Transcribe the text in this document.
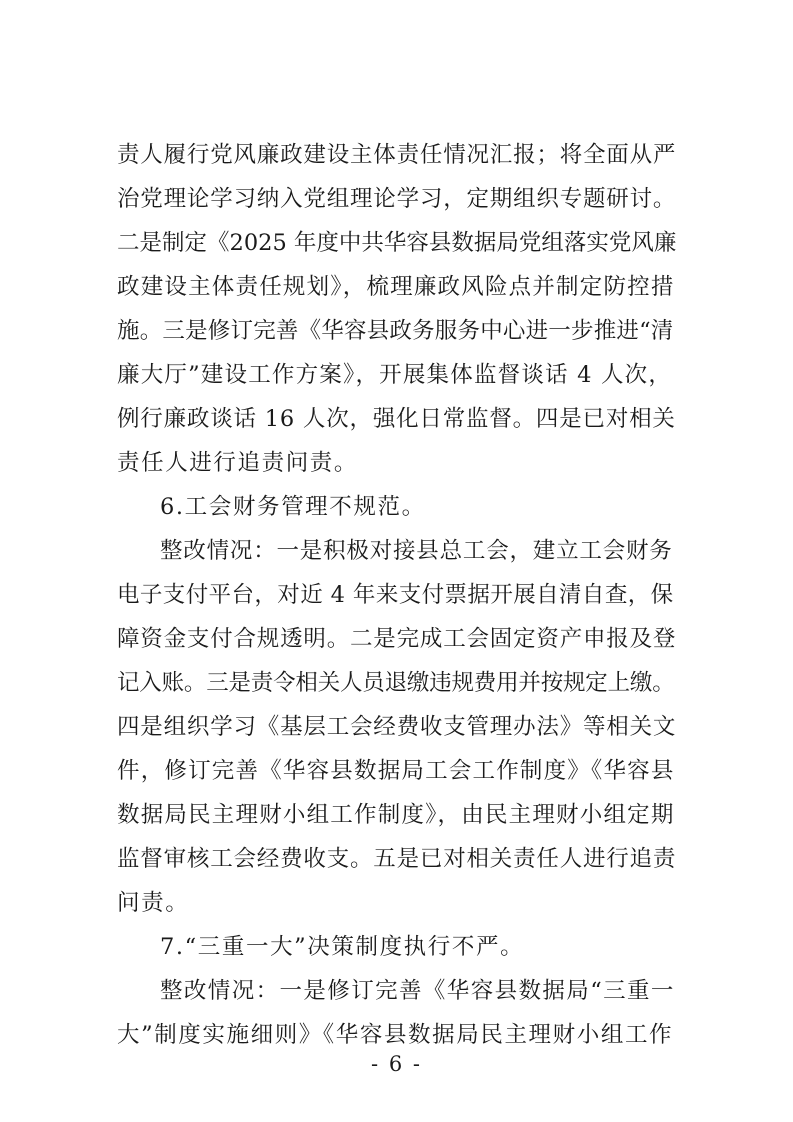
责人履行党风廉政建设主体责任情况汇报；将全面从严
治党理论学习纳入党组理论学习，定期组织专题研讨。
二是制定《2025 年度中共华容县数据局党组落实党风廉
政建设主体责任规划》，梳理廉政风险点并制定防控措
施。三是修订完善《华容县政务服务中心进一步推进“清
廉大厅”建设工作方案》，开展集体监督谈话 4 人次，
例行廉政谈话 16 人次，强化日常监督。四是已对相关
责任人进行追责问责。
6.工会财务管理不规范。
整改情况：一是积极对接县总工会，建立工会财务
电子支付平台，对近 4 年来支付票据开展自清自查，保
障资金支付合规透明。二是完成工会固定资产申报及登
记入账。三是责令相关人员退缴违规费用并按规定上缴。
四是组织学习《基层工会经费收支管理办法》等相关文
件，修订完善《华容县数据局工会工作制度》《华容县
数据局民主理财小组工作制度》，由民主理财小组定期
监督审核工会经费收支。五是已对相关责任人进行追责
问责。
7.“三重一大”决策制度执行不严。
整改情况：一是修订完善《华容县数据局“三重一
大”制度实施细则》《华容县数据局民主理财小组工作
- 6 -
